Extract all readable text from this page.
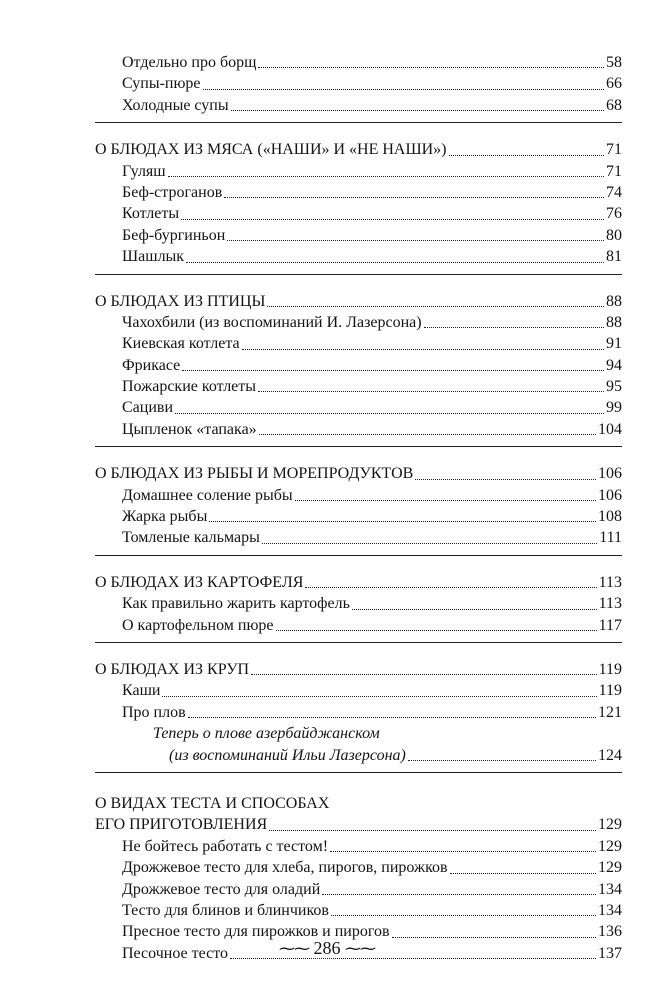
Отдельно про борщ	58
Супы-пюре	66
Холодные супы	68
О БЛЮДАХ ИЗ МЯСА («НАШИ» И «НЕ НАШИ»)	71
Гуляш	71
Беф-строганов	74
Котлеты	76
Беф-бургиньон	80
Шашлык	81
О БЛЮДАХ ИЗ ПТИЦЫ	88
Чахохбили (из воспоминаний И. Лазерсона)	88
Киевская котлета	91
Фрикасе	94
Пожарские котлеты	95
Сациви	99
Цыпленок «тапака»	104
О БЛЮДАХ ИЗ РЫБЫ И МОРЕПРОДУКТОВ	106
Домашнее соление рыбы	106
Жарка рыбы	108
Томленые кальмары	111
О БЛЮДАХ ИЗ КАРТОФЕЛЯ	113
Как правильно жарить картофель	113
О картофельном пюре	117
О БЛЮДАХ ИЗ КРУП	119
Каши	119
Про плов	121
Теперь о плове азербайджанском
(из воспоминаний Ильи Лазерсона)	124
О ВИДАХ ТЕСТА И СПОСОБАХ
ЕГО ПРИГОТОВЛЕНИЯ	129
Не бойтесь работать с тестом!	129
Дрожжевое тесто для хлеба, пирогов, пирожков	129
Дрожжевое тесто для оладий	134
Тесто для блинов и блинчиков	134
Пресное тесто для пирожков и пирогов	136
Песочное тесто	137
⁓⁓ 286 ⁓⁓
